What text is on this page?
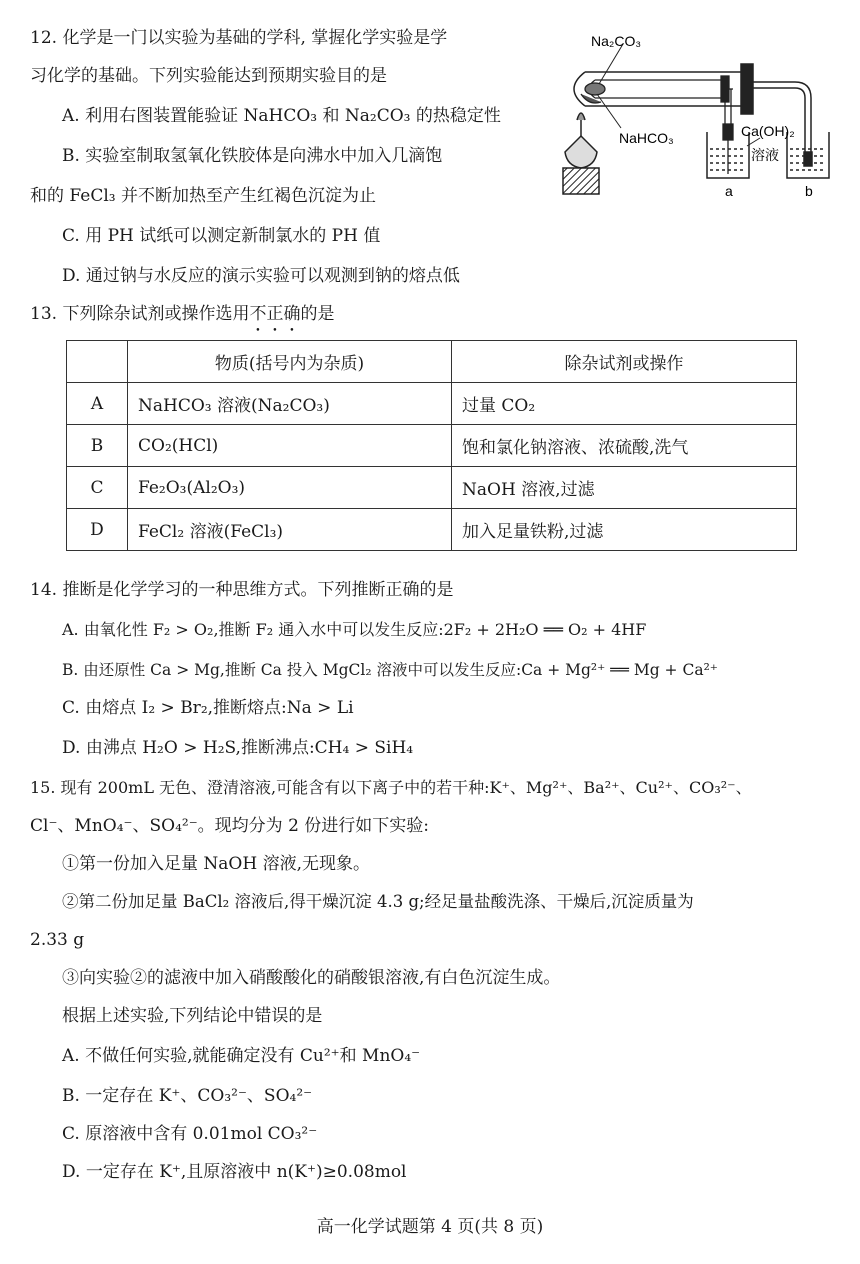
12. 化学是一门以实验为基础的学科, 掌握化学实验是学
习化学的基础。下列实验能达到预期实验目的是
A. 利用右图装置能验证 NaHCO₃ 和 Na₂CO₃ 的热稳定性
B. 实验室制取氢氧化铁胶体是向沸水中加入几滴饱
和的 FeCl₃ 并不断加热至产生红褐色沉淀为止
C. 用 PH 试纸可以测定新制氯水的 PH 值
D. 通过钠与水反应的演示实验可以观测到钠的熔点低
Na₂CO₃
NaHCO₃	Ca(OH)₂
溶液
a	b
13. 下列除杂试剂或操作选用不正确的是
	物质(括号内为杂质)	除杂试剂或操作
A	NaHCO₃ 溶液(Na₂CO₃)	过量 CO₂
B	CO₂(HCl)	饱和氯化钠溶液、浓硫酸,洗气
C	Fe₂O₃(Al₂O₃)	NaOH 溶液,过滤
D	FeCl₂ 溶液(FeCl₃)	加入足量铁粉,过滤
14. 推断是化学学习的一种思维方式。下列推断正确的是
A. 由氧化性 F₂ > O₂,推断 F₂ 通入水中可以发生反应:2F₂ + 2H₂O ══ O₂ + 4HF
B. 由还原性 Ca > Mg,推断 Ca 投入 MgCl₂ 溶液中可以发生反应:Ca + Mg²⁺ ══ Mg + Ca²⁺
C. 由熔点 I₂ > Br₂,推断熔点:Na > Li
D. 由沸点 H₂O > H₂S,推断沸点:CH₄ > SiH₄
15. 现有 200mL 无色、澄清溶液,可能含有以下离子中的若干种:K⁺、Mg²⁺、Ba²⁺、Cu²⁺、CO₃²⁻、
Cl⁻、MnO₄⁻、SO₄²⁻。现均分为 2 份进行如下实验:
①第一份加入足量 NaOH 溶液,无现象。
②第二份加足量 BaCl₂ 溶液后,得干燥沉淀 4.3 g;经足量盐酸洗涤、干燥后,沉淀质量为
2.33 g
③向实验②的滤液中加入硝酸酸化的硝酸银溶液,有白色沉淀生成。
根据上述实验,下列结论中错误的是
A. 不做任何实验,就能确定没有 Cu²⁺和 MnO₄⁻
B. 一定存在 K⁺、CO₃²⁻、SO₄²⁻
C. 原溶液中含有 0.01mol CO₃²⁻
D. 一定存在 K⁺,且原溶液中 n(K⁺)≥0.08mol
高一化学试题第 4 页(共 8 页)
